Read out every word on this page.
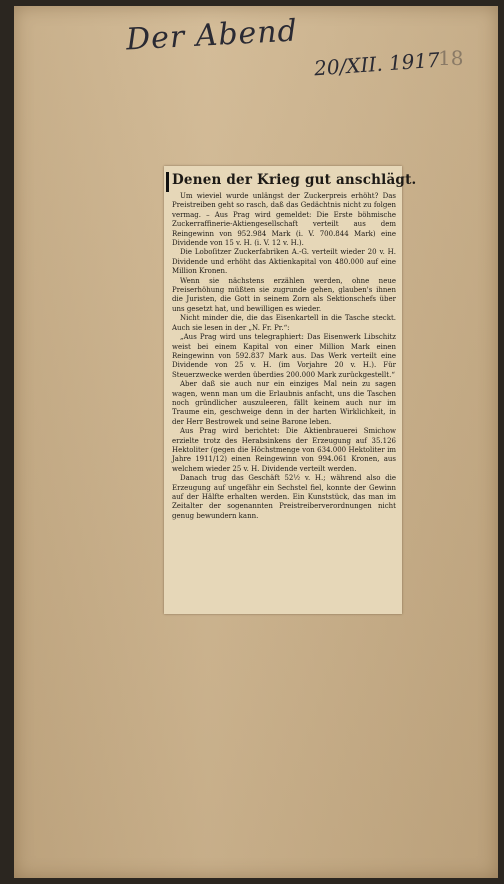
Der Abend
20/XII. 1917
18
Denen der Krieg gut anschlägt.

Um wieviel wurde unlängst der Zuckerpreis erhöht? Das Preistreiben geht so rasch, daß das Gedächtnis nicht zu folgen vermag. – Aus Prag wird gemeldet: Die Erste böhmische Zuckerraffinerie-Aktiengesellschaft verteilt aus dem Reingewinn von 952.984 Mark (i. V. 700.844 Mark) eine Dividende von 15 v. H. (i. V. 12 v. H.).

Die Loboſitzer Zuckerfabriken A.-G. verteilt wieder 20 v. H. Dividende und erhöht das Aktienkapital von 480.000 auf eine Million Kronen.

Wenn sie nächstens erzählen werden, ohne neue Preiserhöhung müßten sie zugrunde gehen, glauben's ihnen die Juristen, die Gott in seinem Zorn als Sektionschefs über uns gesetzt hat, und bewilligen es wieder.

Nicht minder die, die das Eisenkartell in die Tasche steckt. Auch sie lesen in der „N. Fr. Pr.“:

„Aus Prag wird uns telegraphiert: Das Eisenwerk Libschitz weist bei einem Kapital von einer Million Mark einen Reingewinn von 592.837 Mark aus. Das Werk verteilt eine Dividende von 25 v. H. (im Vorjahre 20 v. H.). Für Steuerzwecke werden überdies 200.000 Mark zurückgestellt.“

Aber daß sie auch nur ein einziges Mal nein zu sagen wagen, wenn man um die Erlaubnis anfacht, uns die Taschen noch gründlicher auszuleeren, fällt keinem auch nur im Traume ein, geschweige denn in der harten Wirklichkeit, in der Herr Bestrowek und seine Barone leben.

Aus Prag wird berichtet: Die Aktienbrauerei Smichow erzielte trotz des Herabsinkens der Erzeugung auf 35.126 Hektoliter (gegen die Höchstmenge von 634.000 Hektoliter im Jahre 1911/12) einen Reingewinn von 994.061 Kronen, aus welchem wieder 25 v. H. Dividende verteilt werden.

Danach trug das Geschäft 52½ v. H.; während also die Erzeugung auf ungefähr ein Sechstel fiel, konnte der Gewinn auf der Hälfte erhalten werden. Ein Kunststück, das man im Zeitalter der sogenannten Preistreiberverordnungen nicht genug bewundern kann.
